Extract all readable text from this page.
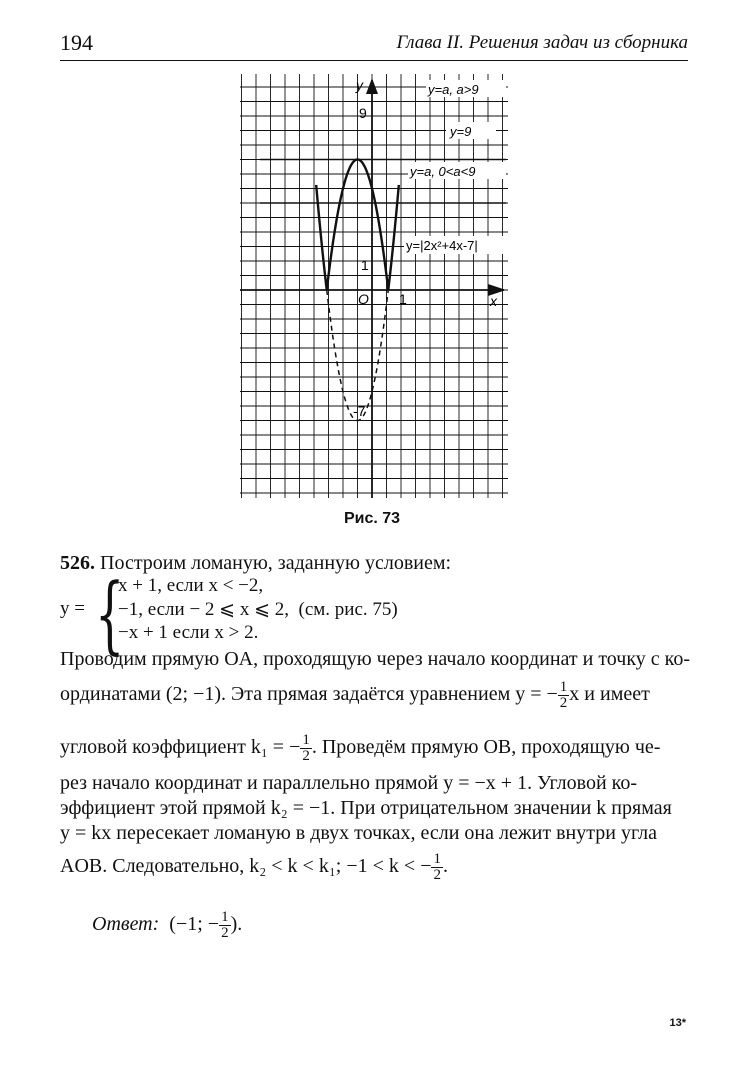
194	Глава II. Решения задач из сборника
y
x
O
9
1
1
-7
y=a, a>9
y=9
y=a, 0<a<9
y=|2x²+4x-7|
Рис. 73
526. Построим ломаную, заданную условием:
y = {
x + 1, если x < −2,
−1, если − 2 ⩽ x ⩽ 2, (см. рис. 75)
−x + 1 если x > 2.
Проводим прямую OA, проходящую через начало координат и точку с ко-
ординатами (2; −1). Эта прямая задаётся уравнением y = − $\frac{1}{2}$ x и имеет
угловой коэффициент k₁ = − $\frac{1}{2}$ . Проведём прямую OB, проходящую че-
рез начало координат и параллельно прямой y = −x + 1. Угловой ко-
эффициент этой прямой k₂ = −1. При отрицательном значении k прямая
y = kx пересекает ломаную в двух точках, если она лежит внутри угла
AOB. Следовательно, k₂ < k < k₁; −1 < k < − $\frac{1}{2}$ .
Ответ: (−1; − $\frac{1}{2}$ ).
13*
